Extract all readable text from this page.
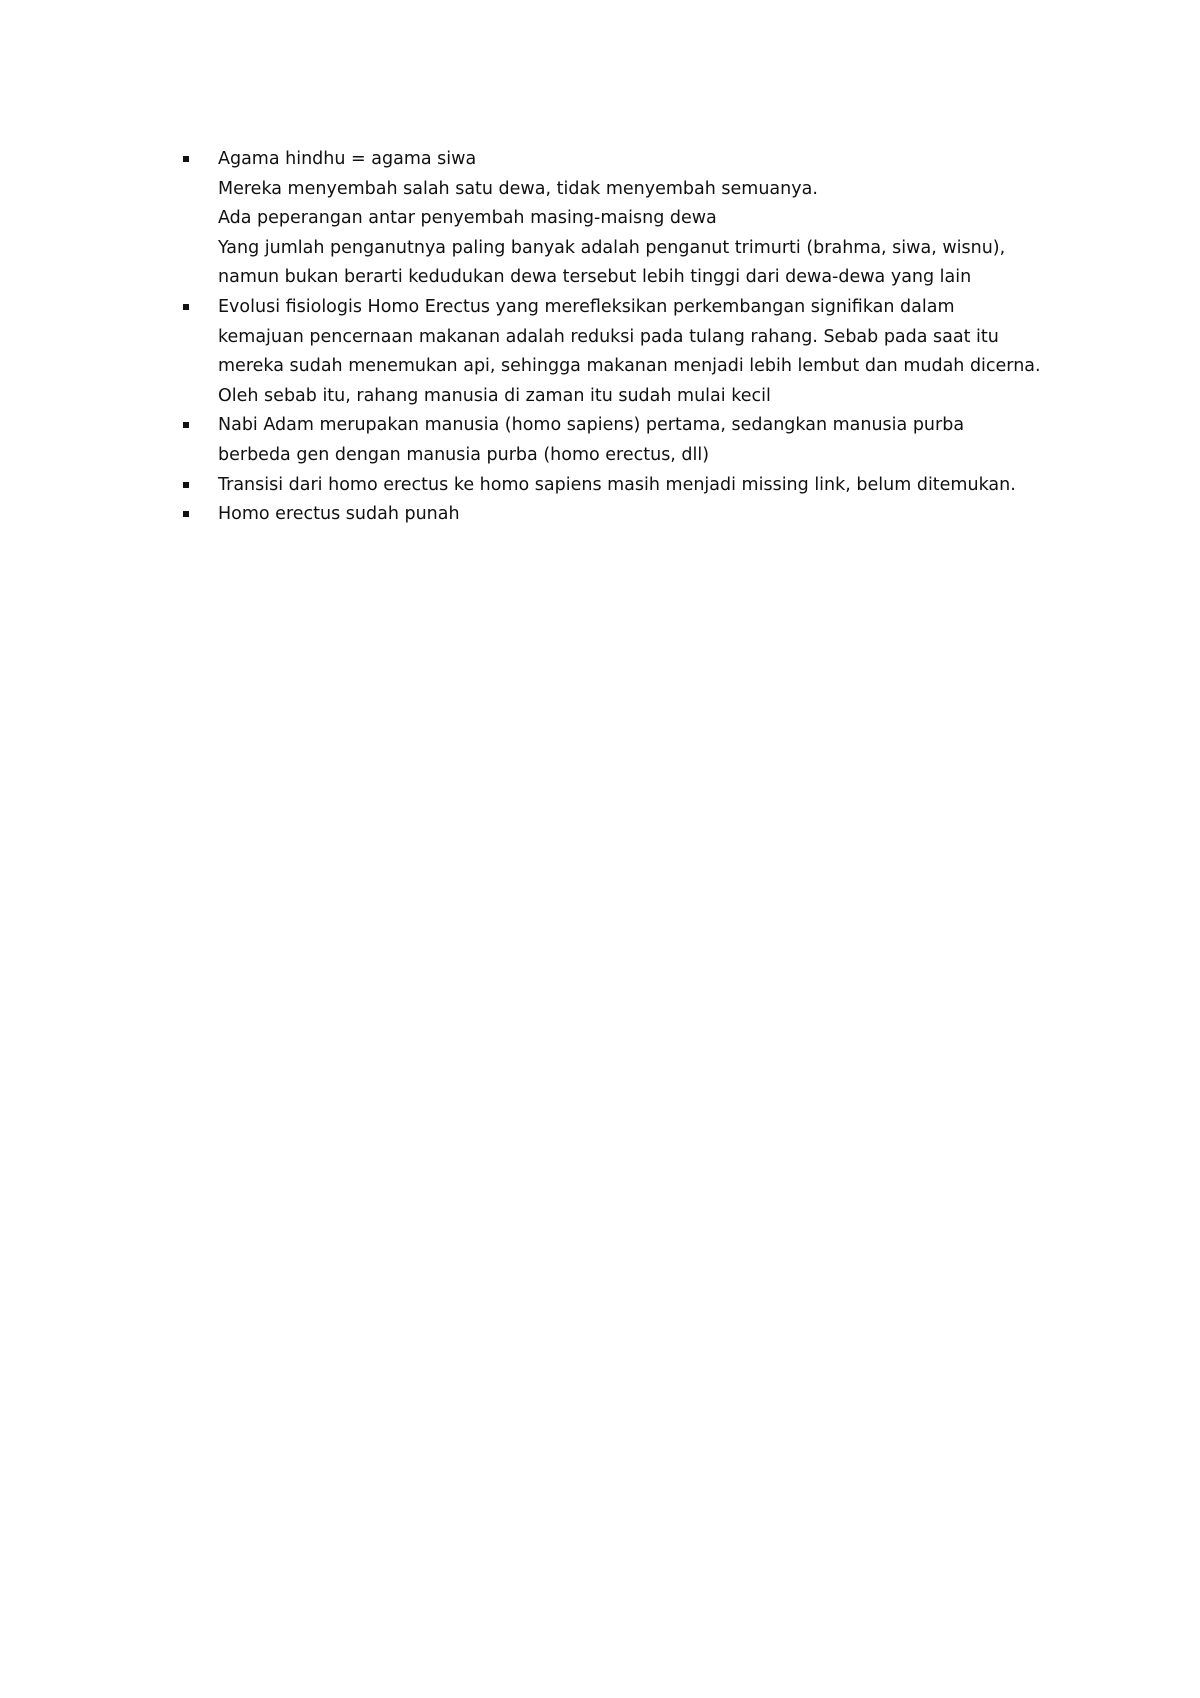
Agama hindhu = agama siwa
Mereka menyembah salah satu dewa, tidak menyembah semuanya.
Ada peperangan antar penyembah masing-maisng dewa
Yang jumlah penganutnya paling banyak adalah penganut trimurti (brahma, siwa, wisnu),
namun bukan berarti kedudukan dewa tersebut lebih tinggi dari dewa-dewa yang lain
Evolusi fisiologis Homo Erectus yang merefleksikan perkembangan signifikan dalam
kemajuan pencernaan makanan adalah reduksi pada tulang rahang. Sebab pada saat itu
mereka sudah menemukan api, sehingga makanan menjadi lebih lembut dan mudah dicerna.
Oleh sebab itu, rahang manusia di zaman itu sudah mulai kecil
Nabi Adam merupakan manusia (homo sapiens) pertama, sedangkan manusia purba
berbeda gen dengan manusia purba (homo erectus, dll)
Transisi dari homo erectus ke homo sapiens masih menjadi missing link, belum ditemukan.
Homo erectus sudah punah
